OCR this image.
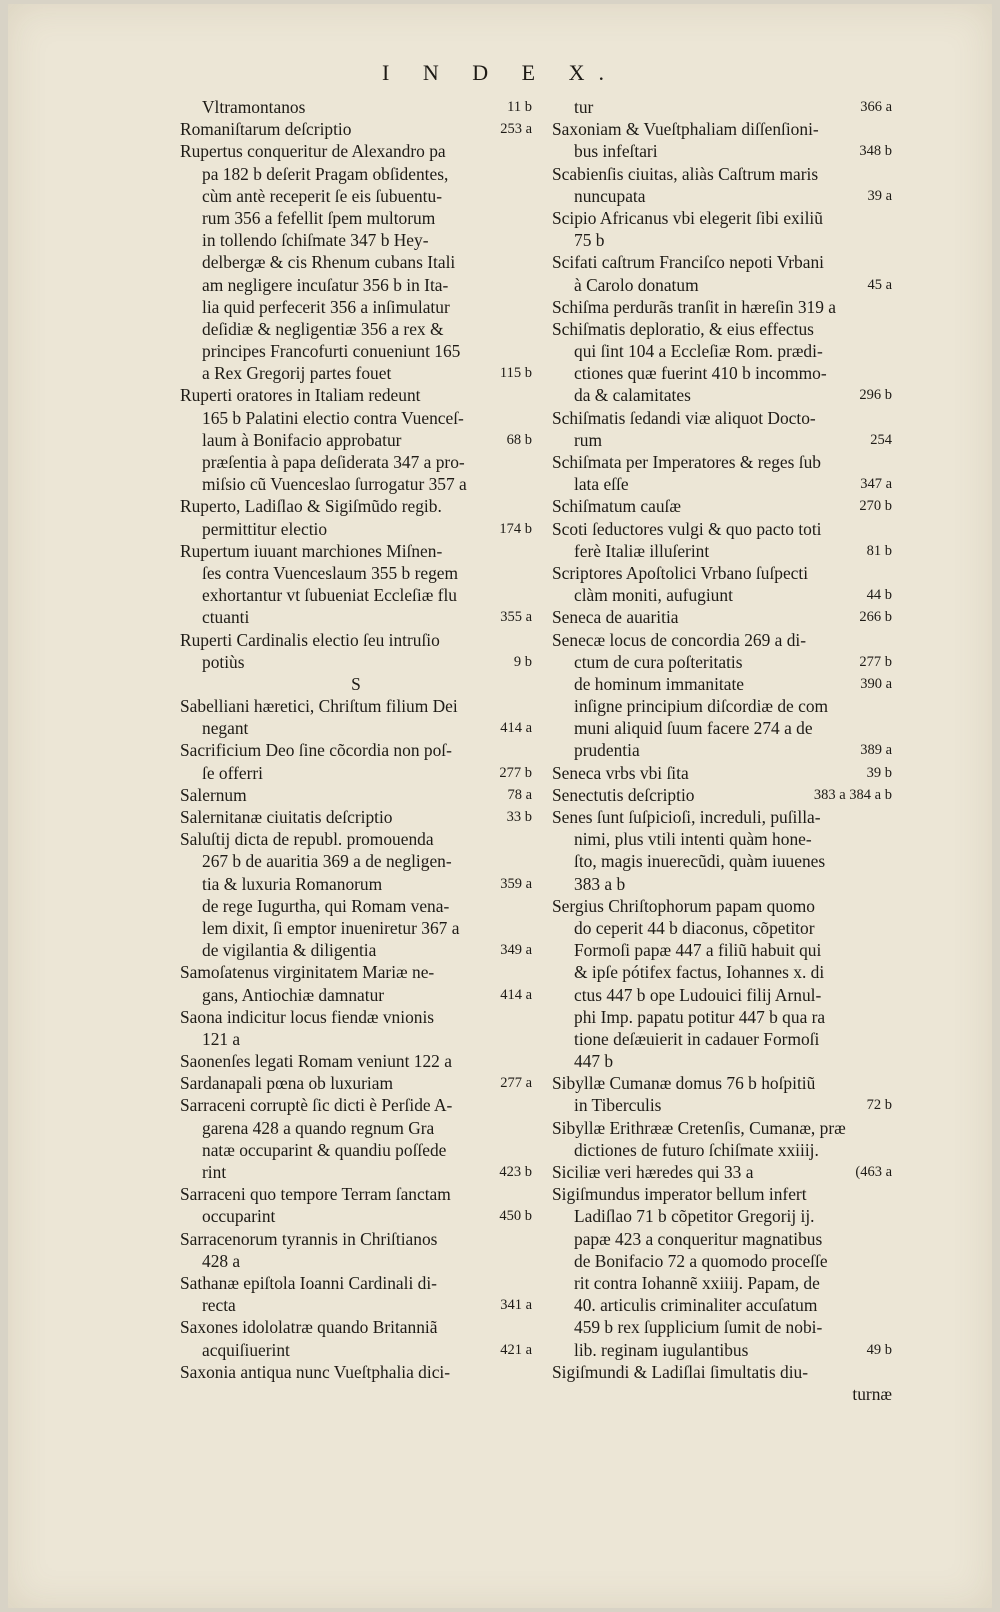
I N D E X.
Vltramontanos	11 b
Romaniſtarum deſcriptio	253 a
Rupertus conqueritur de Alexandro pa
pa 182 b deſerit Pragam obſidentes,
cùm antè receperit ſe eis ſubuentu-
rum 356 a fefellit ſpem multorum
in tollendo ſchiſmate 347 b Hey-
delbergæ & cis Rhenum cubans Itali
am negligere incuſatur 356 b in Ita-
lia quid perfecerit 356 a inſimulatur
deſidiæ & negligentiæ 356 a rex &
principes Francofurti conueniunt 165
a Rex Gregorij partes fouet	115 b
Ruperti oratores in Italiam redeunt
165 b Palatini electio contra Vuenceſ-
laum à Bonifacio approbatur	68 b
præſentia à papa deſiderata 347 a pro-
miſsio cũ Vuenceslao ſurrogatur 357 a
Ruperto, Ladiſlao & Sigiſmũdo regib.
permittitur electio	174 b
Rupertum iuuant marchiones Miſnen-
ſes contra Vuenceslaum 355 b regem
exhortantur vt ſubueniat Eccleſiæ flu
ctuanti	355 a
Ruperti Cardinalis electio ſeu intruſio
potiùs	9 b
S
Sabelliani hæretici, Chriſtum filium Dei
negant	414 a
Sacrificium Deo ſine cõcordia non poſ-
ſe offerri	277 b
Salernum	78 a
Salernitanæ ciuitatis deſcriptio	33 b
Saluſtij dicta de republ. promouenda
267 b de auaritia 369 a de negligen-
tia & luxuria Romanorum	359 a
de rege Iugurtha, qui Romam vena-
lem dixit, ſi emptor inueniretur 367 a
de vigilantia & diligentia	349 a
Samoſatenus virginitatem Mariæ ne-
gans, Antiochiæ damnatur	414 a
Saona indicitur locus fiendæ vnionis
121 a
Saonenſes legati Romam veniunt 122 a
Sardanapali pœna ob luxuriam	277 a
Sarraceni corruptè ſic dicti è Perſide A-
garena 428 a quando regnum Gra
natæ occuparint & quandiu poſſede
rint	423 b
Sarraceni quo tempore Terram ſanctam
occuparint	450 b
Sarracenorum tyrannis in Chriſtianos
428 a
Sathanæ epiſtola Ioanni Cardinali di-
recta	341 a
Saxones idololatræ quando Britanniã
acquiſiuerint	421 a
Saxonia antiqua nunc Vueſtphalia dici-
tur	366 a
Saxoniam & Vueſtphaliam diſſenſioni-
bus infeſtari	348 b
Scabienſis ciuitas, aliàs Caſtrum maris
nuncupata	39 a
Scipio Africanus vbi elegerit ſibi exiliũ
75 b
Scifati caſtrum Franciſco nepoti Vrbani
à Carolo donatum	45 a
Schiſma perdurãs tranſit in hæreſin 319 a
Schiſmatis deploratio, & eius effectus
qui ſint 104 a Eccleſiæ Rom. prædi-
ctiones quæ fuerint 410 b incommo-
da & calamitates	296 b
Schiſmatis ſedandi viæ aliquot Docto-
rum	254
Schiſmata per Imperatores & reges ſub
lata eſſe	347 a
Schiſmatum cauſæ	270 b
Scoti ſeductores vulgi & quo pacto toti
ferè Italiæ illuſerint	81 b
Scriptores Apoſtolici Vrbano ſuſpecti
clàm moniti, aufugiunt	44 b
Seneca de auaritia	266 b
Senecæ locus de concordia 269 a di-
ctum de cura poſteritatis	277 b
de hominum immanitate	390 a
inſigne principium diſcordiæ de com
muni aliquid ſuum facere 274 a de
prudentia	389 a
Seneca vrbs vbi ſita	39 b
Senectutis deſcriptio	383 a 384 a b
Senes ſunt ſuſpicioſi, increduli, puſilla-
nimi, plus vtili intenti quàm hone-
ſto, magis inuerecũdi, quàm iuuenes
383 a b
Sergius Chriſtophorum papam quomo
do ceperit 44 b diaconus, cõpetitor
Formoſi papæ 447 a filiũ habuit qui
& ipſe pótifex factus, Iohannes x. di
ctus 447 b ope Ludouici filij Arnul-
phi Imp. papatu potitur 447 b qua ra
tione deſæuierit in cadauer Formoſi
447 b
Sibyllæ Cumanæ domus 76 b hoſpitiũ
in Tiberculis	72 b
Sibyllæ Erithrææ Cretenſis, Cumanæ, præ
dictiones de futuro ſchiſmate xxiiij.
Siciliæ veri hæredes qui 33 a	(463 a
Sigiſmundus imperator bellum infert
Ladiſlao 71 b cõpetitor Gregorij ij.
papæ 423 a conqueritur magnatibus
de Bonifacio 72 a quomodo proceſſe
rit contra Iohannẽ xxiiij. Papam, de
40. articulis criminaliter accuſatum
459 b rex ſupplicium ſumit de nobi-
lib. reginam iugulantibus	49 b
Sigiſmundi & Ladiſlai ſimultatis diu-
turnæ
